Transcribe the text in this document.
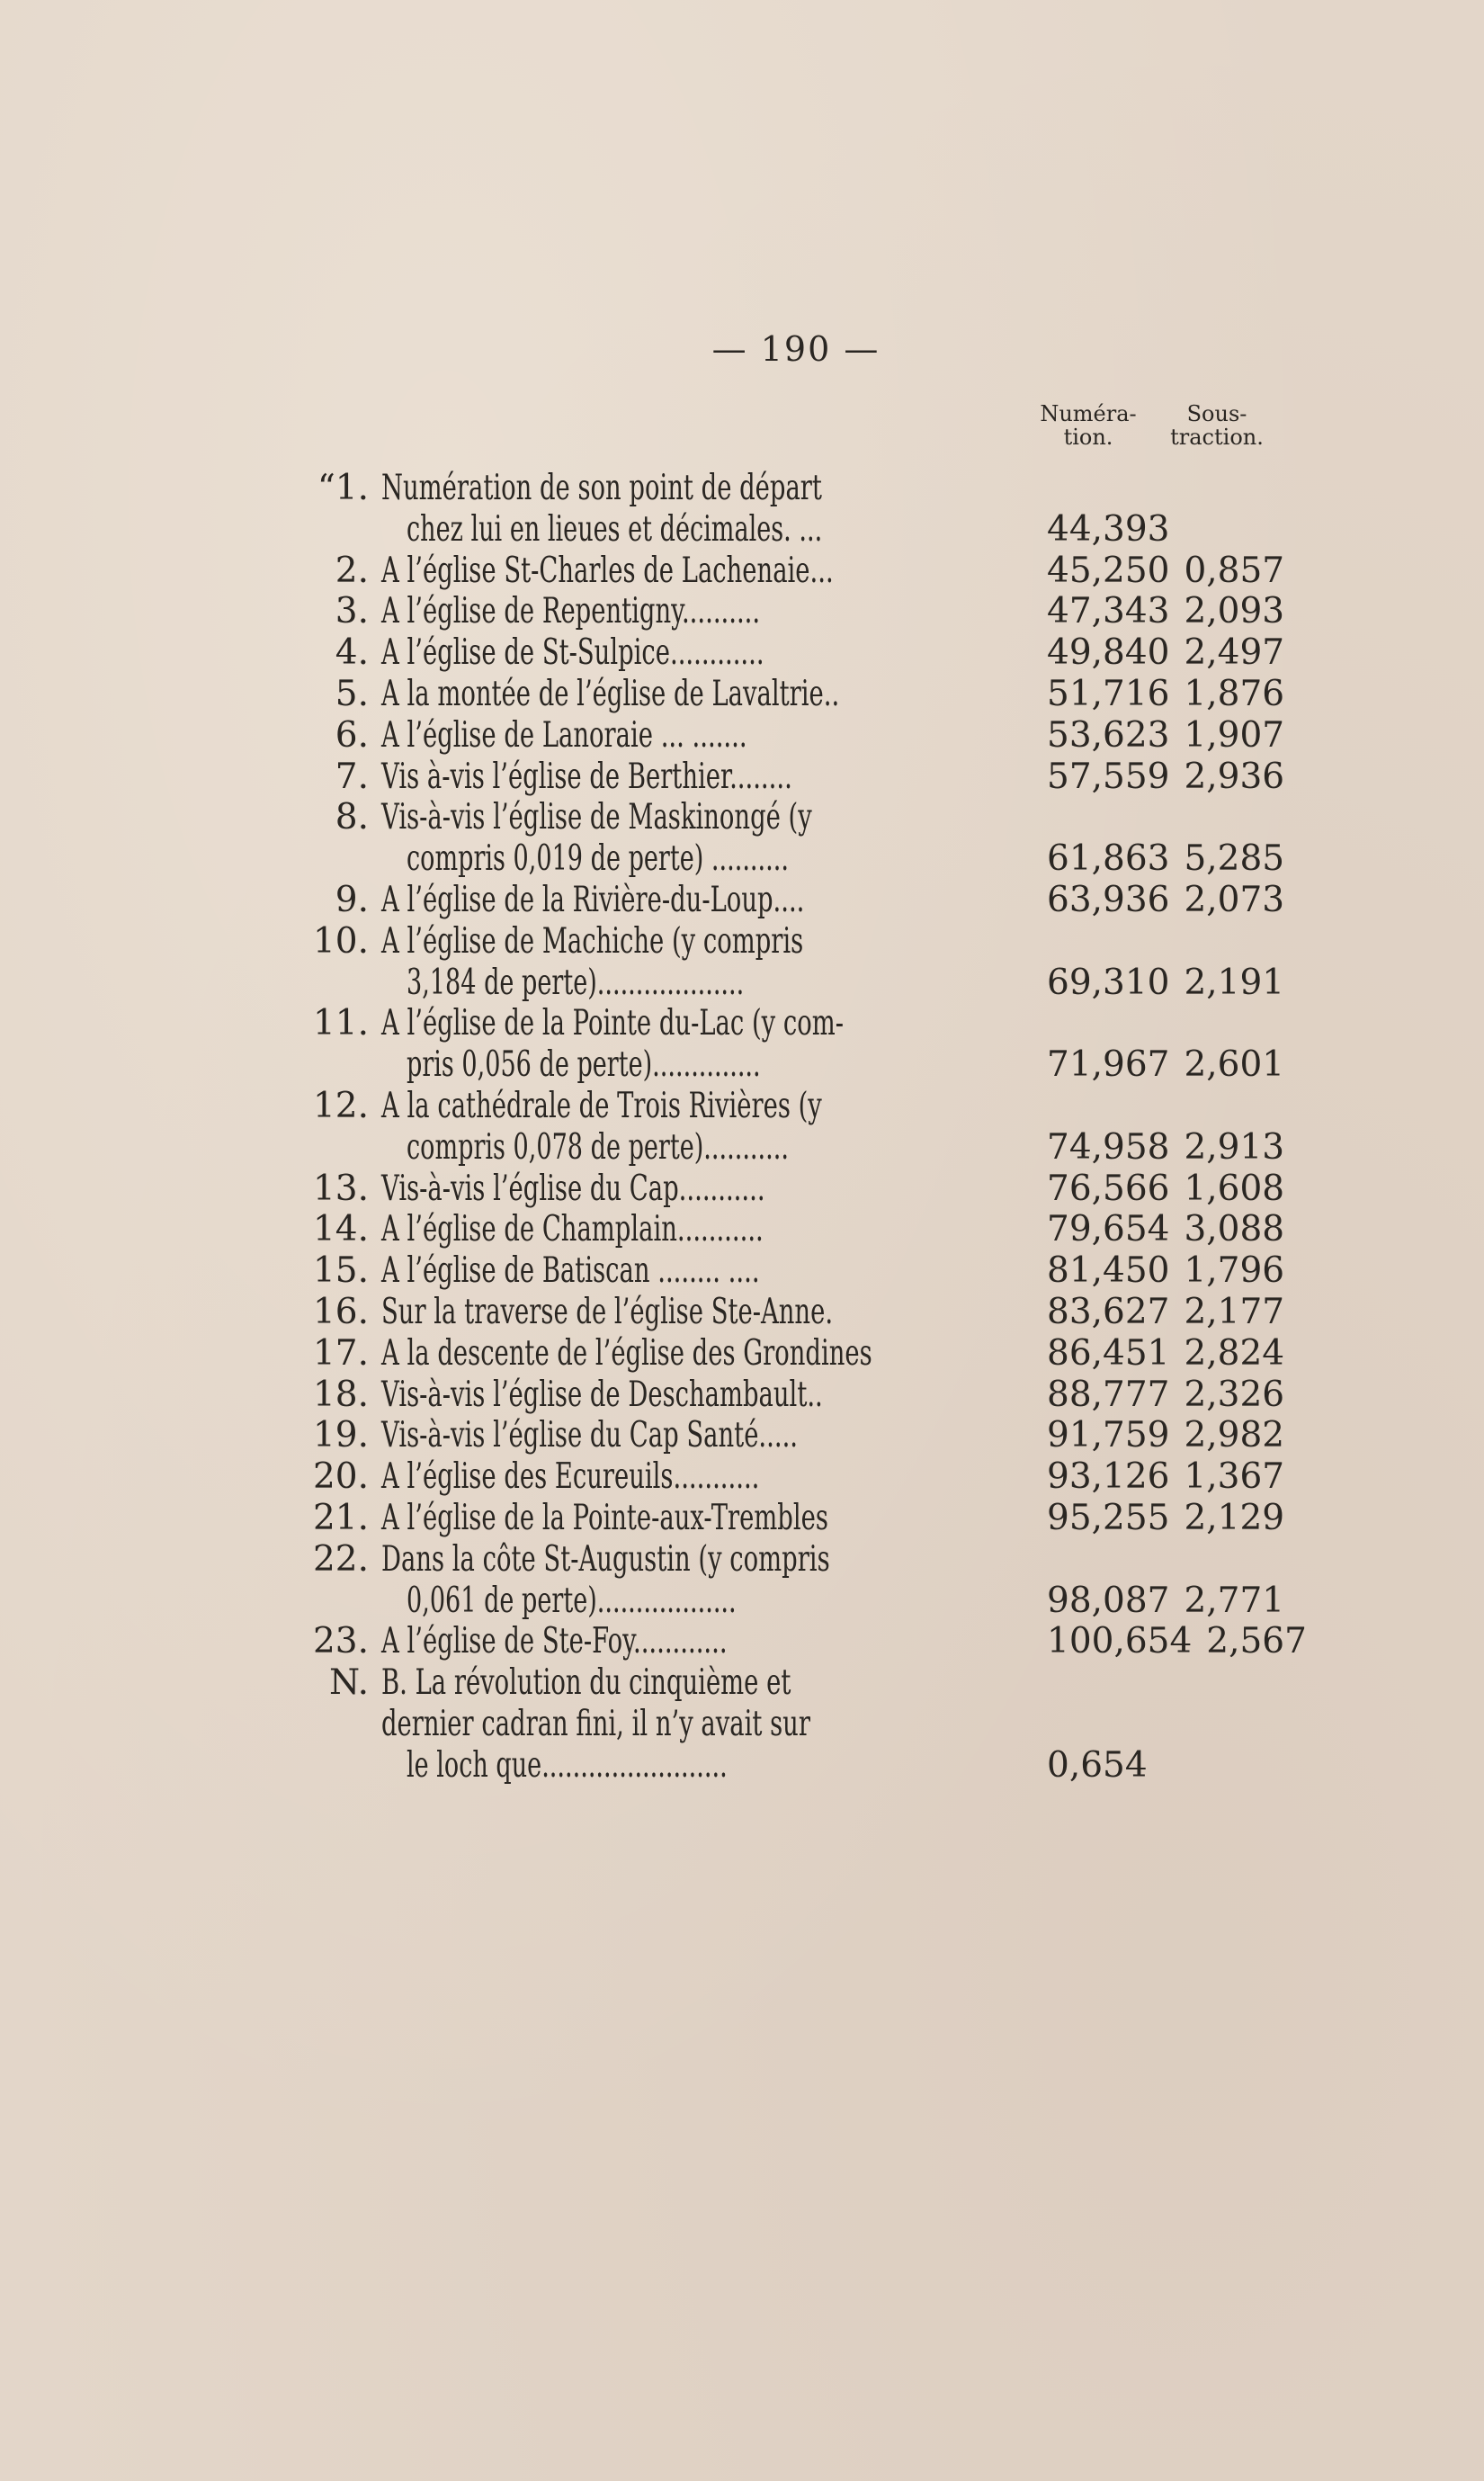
— 190 —
Numéra-
tion.
Sous-
traction.
“1. Numération de son point de départ
chez lui en lieues et décimales. ...	44,393
2. A l’église St-Charles de Lachenaie...	45,250 0,857
3. A l’église de Repentigny..........	47,343 2,093
4. A l’église de St-Sulpice............	49,840 2,497
5. A la montée de l’église de Lavaltrie..	51,716 1,876
6. A l’église de Lanoraie ... .......	53,623 1,907
7. Vis à-vis l’église de Berthier........	57,559 2,936
8. Vis-à-vis l’église de Maskinongé (y
compris 0,019 de perte) ..........	61,863 5,285
9. A l’église de la Rivière-du-Loup....	63,936 2,073
10. A l’église de Machiche (y compris
3,184 de perte)...................	69,310 2,191
11. A l’église de la Pointe du-Lac (y com-
pris 0,056 de perte)..............	71,967 2,601
12. A la cathédrale de Trois Rivières (y
compris 0,078 de perte)...........	74,958 2,913
13. Vis-à-vis l’église du Cap...........	76,566 1,608
14. A l’église de Champlain...........	79,654 3,088
15. A l’église de Batiscan ........ ....	81,450 1,796
16. Sur la traverse de l’église Ste-Anne.	83,627 2,177
17. A la descente de l’église des Grondines	86,451 2,824
18. Vis-à-vis l’église de Deschambault..	88,777 2,326
19. Vis-à-vis l’église du Cap Santé.....	91,759 2,982
20. A l’église des Ecureuils...........	93,126 1,367
21. A l’église de la Pointe-aux-Trembles	95,255 2,129
22. Dans la côte St-Augustin (y compris
0,061 de perte)..................	98,087 2,771
23. A l’église de Ste-Foy............	100,654 2,567
N. B. La révolution du cinquième et
dernier cadran fini, il n’y avait sur
le loch que........................	0,654
